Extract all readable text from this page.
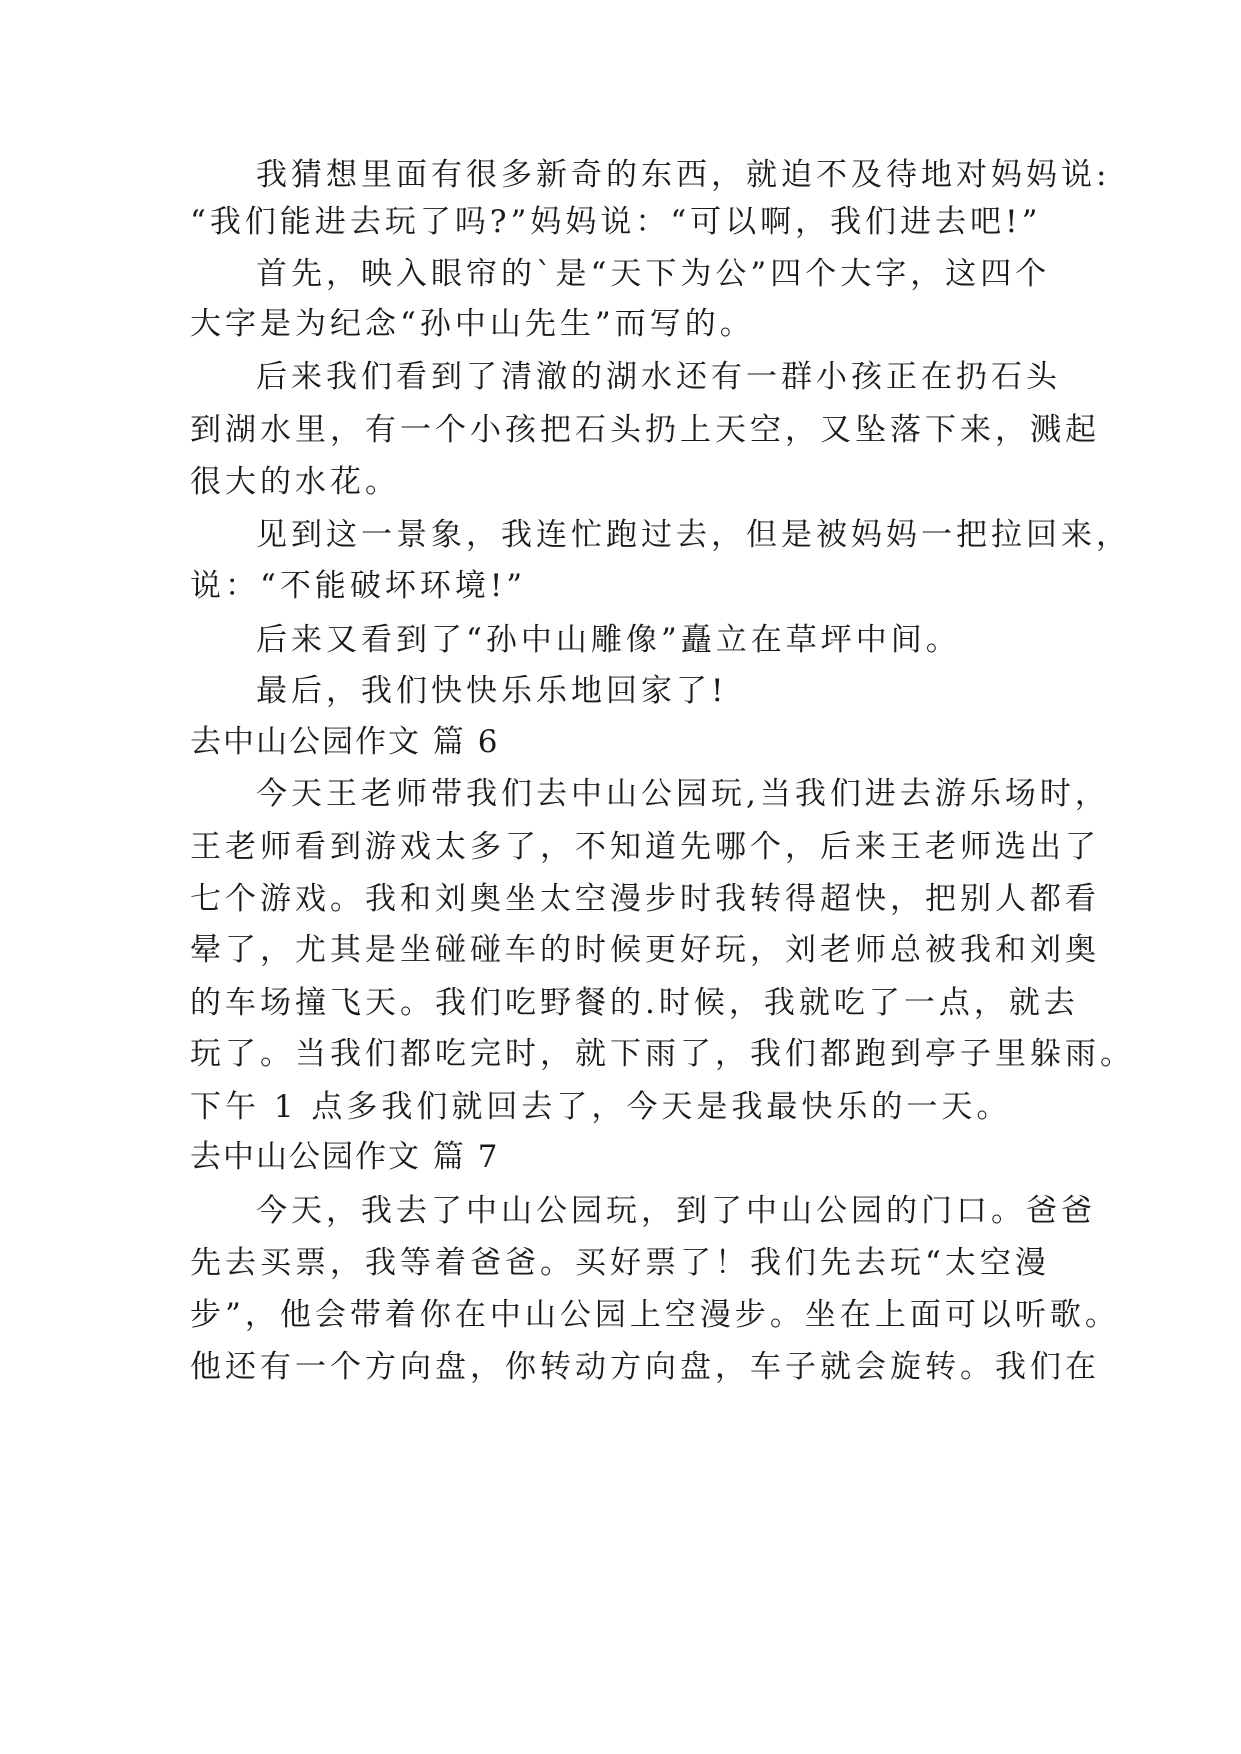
我猜想里面有很多新奇的东西，就迫不及待地对妈妈说:
“我们能进去玩了吗?”妈妈说：“可以啊，我们进去吧!”
首先，映入眼帘的`是“天下为公”四个大字，这四个
大字是为纪念“孙中山先生”而写的。
后来我们看到了清澈的湖水还有一群小孩正在扔石头
到湖水里，有一个小孩把石头扔上天空，又坠落下来，溅起
很大的水花。
见到这一景象，我连忙跑过去，但是被妈妈一把拉回来，
说：“不能破坏环境!”
后来又看到了“孙中山雕像”矗立在草坪中间。
最后，我们快快乐乐地回家了!
去中山公园作文 篇 6
今天王老师带我们去中山公园玩,当我们进去游乐场时，
王老师看到游戏太多了，不知道先哪个，后来王老师选出了
七个游戏。我和刘奥坐太空漫步时我转得超快，把别人都看
晕了，尤其是坐碰碰车的时候更好玩，刘老师总被我和刘奥
的车场撞飞天。我们吃野餐的.时候，我就吃了一点，就去
玩了。当我们都吃完时，就下雨了，我们都跑到亭子里躲雨。
下午 1 点多我们就回去了，今天是我最快乐的一天。
去中山公园作文 篇 7
今天，我去了中山公园玩，到了中山公园的门口。爸爸
先去买票，我等着爸爸。买好票了！我们先去玩“太空漫
步”，他会带着你在中山公园上空漫步。坐在上面可以听歌。
他还有一个方向盘，你转动方向盘，车子就会旋转。我们在
